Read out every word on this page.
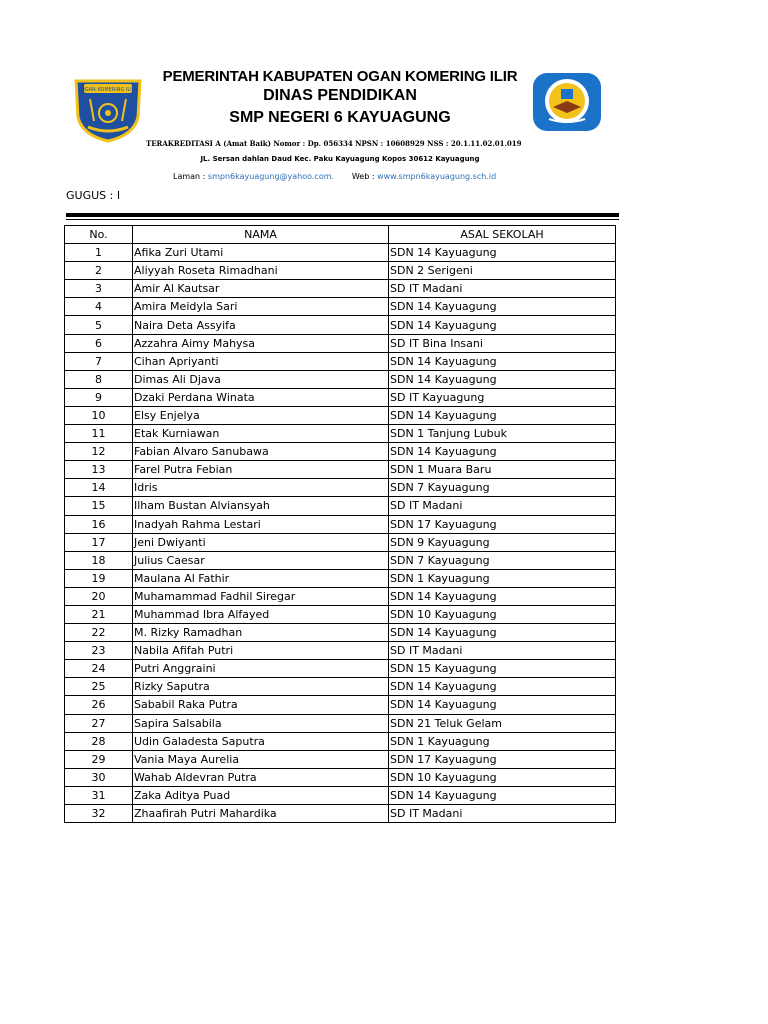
OGAN KOMERING ILIR
PEMERINTAH KABUPATEN OGAN KOMERING ILIR
DINAS PENDIDIKAN
SMP NEGERI 6 KAYUAGUNG
TERAKREDITASI A (Amat Baik) Nomor : Dp. 056334 NPSN : 10608929 NSS : 20.1.11.02.01.019
JL. Sersan dahlan Daud Kec. Paku Kayuagung Kopos 30612 Kayuagung
Laman : smpn6kayuagung@yahoo.com. Web : www.smpn6kayuagung.sch.id
GUGUS : I
No.	NAMA	ASAL SEKOLAH
1	Afika Zuri Utami	SDN 14 Kayuagung
2	Aliyyah Roseta Rimadhani	SDN 2 Serigeni
3	Amir Al Kautsar	SD IT Madani
4	Amira Meidyla Sari	SDN 14 Kayuagung
5	Naira Deta Assyifa	SDN 14 Kayuagung
6	Azzahra Aimy Mahysa	SD IT Bina Insani
7	Cihan Apriyanti	SDN 14 Kayuagung
8	Dimas Ali Djava	SDN 14 Kayuagung
9	Dzaki Perdana Winata	SD IT Kayuagung
10	Elsy Enjelya	SDN 14 Kayuagung
11	Etak Kurniawan	SDN 1 Tanjung Lubuk
12	Fabian Alvaro Sanubawa	SDN 14 Kayuagung
13	Farel Putra Febian	SDN 1 Muara Baru
14	Idris	SDN 7 Kayuagung
15	Ilham Bustan Alviansyah	SD IT Madani
16	Inadyah Rahma Lestari	SDN 17 Kayuagung
17	Jeni Dwiyanti	SDN 9 Kayuagung
18	Julius Caesar	SDN 7 Kayuagung
19	Maulana Al Fathir	SDN 1 Kayuagung
20	Muhamammad Fadhil Siregar	SDN 14 Kayuagung
21	Muhammad Ibra Alfayed	SDN 10 Kayuagung
22	M. Rizky Ramadhan	SDN 14 Kayuagung
23	Nabila Afifah Putri	SD IT Madani
24	Putri Anggraini	SDN 15 Kayuagung
25	Rizky Saputra	SDN 14 Kayuagung
26	Sababil Raka Putra	SDN 14 Kayuagung
27	Sapira Salsabila	SDN 21 Teluk Gelam
28	Udin Galadesta Saputra	SDN 1 Kayuagung
29	Vania Maya Aurelia	SDN 17 Kayuagung
30	Wahab Aldevran Putra	SDN 10 Kayuagung
31	Zaka Aditya Puad	SDN 14 Kayuagung
32	Zhaafirah Putri Mahardika	SD IT Madani
